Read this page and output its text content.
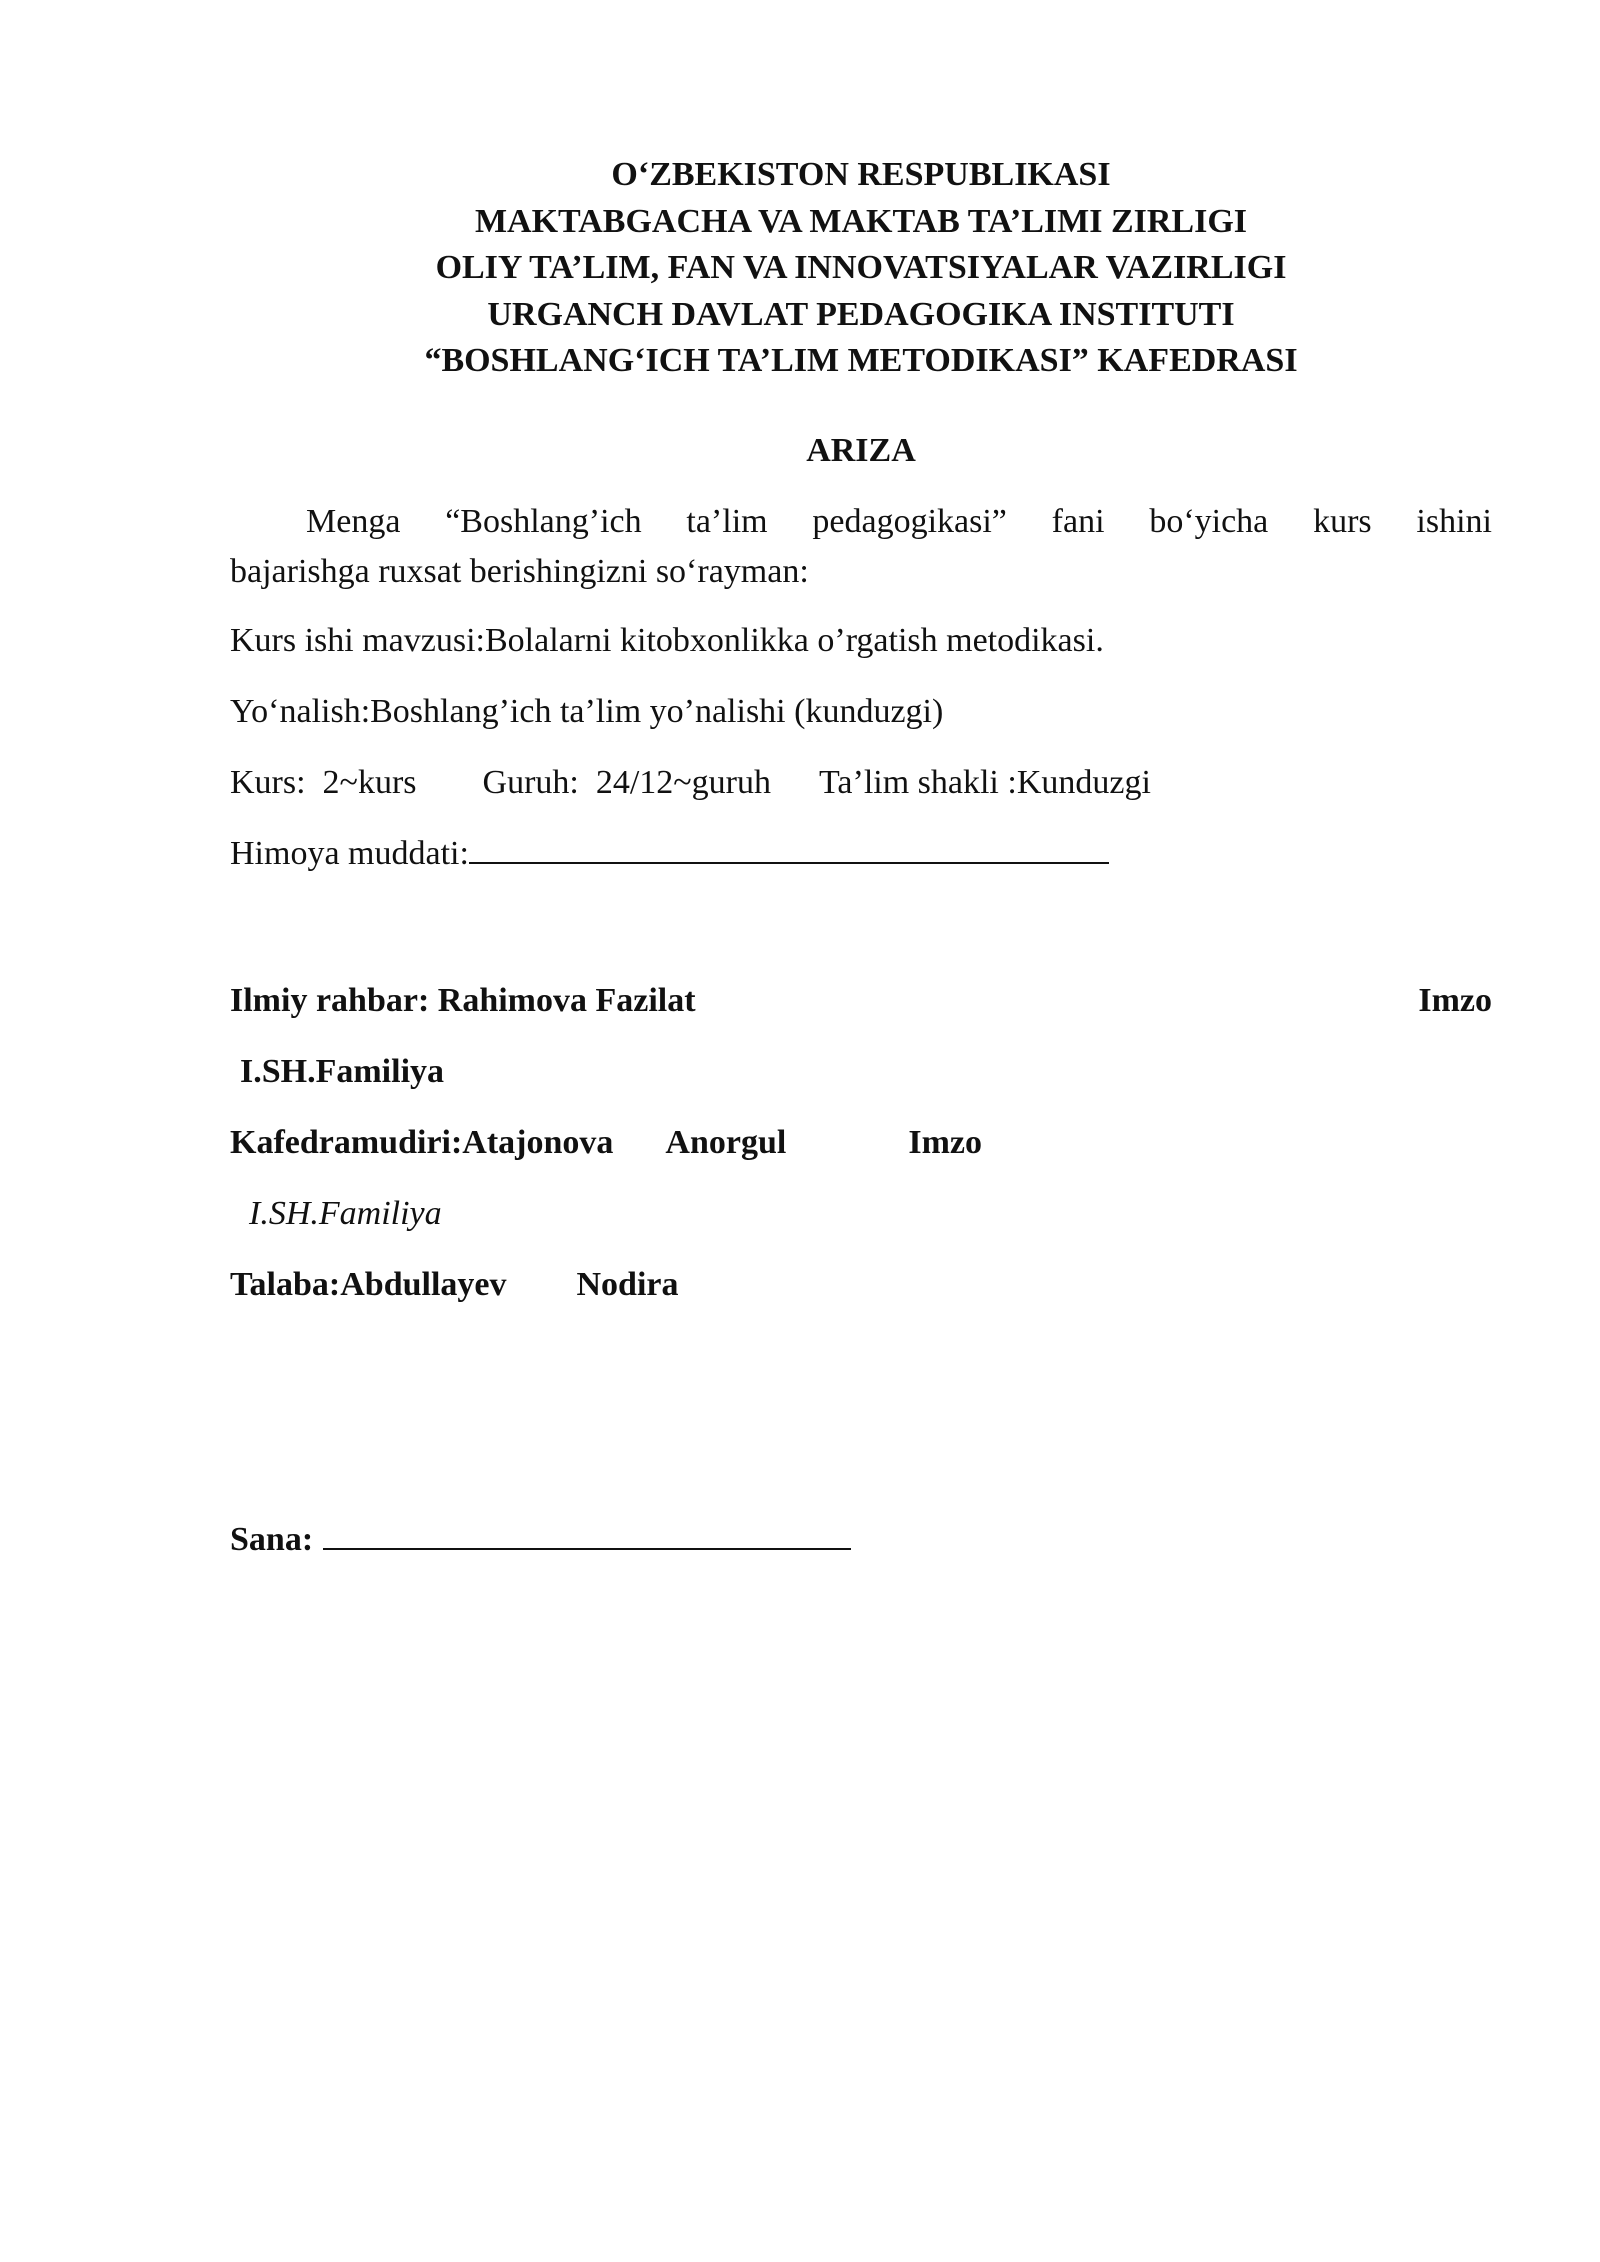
O‘ZBEKISTON RESPUBLIKASI
MAKTABGACHA VA MAKTAB TA’LIMI ZIRLIGI
OLIY TA’LIM, FAN VA INNOVATSIYALAR VAZIRLIGI
URGANCH DAVLAT PEDAGOGIKA INSTITUTI
“BOSHLANG‘ICH TA’LIM METODIKASI” KAFEDRASI
ARIZA
Menga “Boshlang’ich ta’lim pedagogikasi” fani bo‘yicha kurs ishini
bajarishga ruxsat berishingizni so‘rayman:
Kurs ishi mavzusi:Bolalarni kitobxonlikka o’rgatish metodikasi.
Yo‘nalish:Boshlang’ich ta’lim yo’nalishi (kunduzgi)
Kurs:  2~kurs Guruh:  24/12~guruh Ta’lim shakli :Kunduzgi
Himoya muddati:
Ilmiy rahbar: Rahimova Fazilat	Imzo
I.SH.Familiya
Kafedramudiri:Atajonova Anorgul	Imzo
I.SH.Familiya
Talaba:Abdullayev Nodira
Sana:
